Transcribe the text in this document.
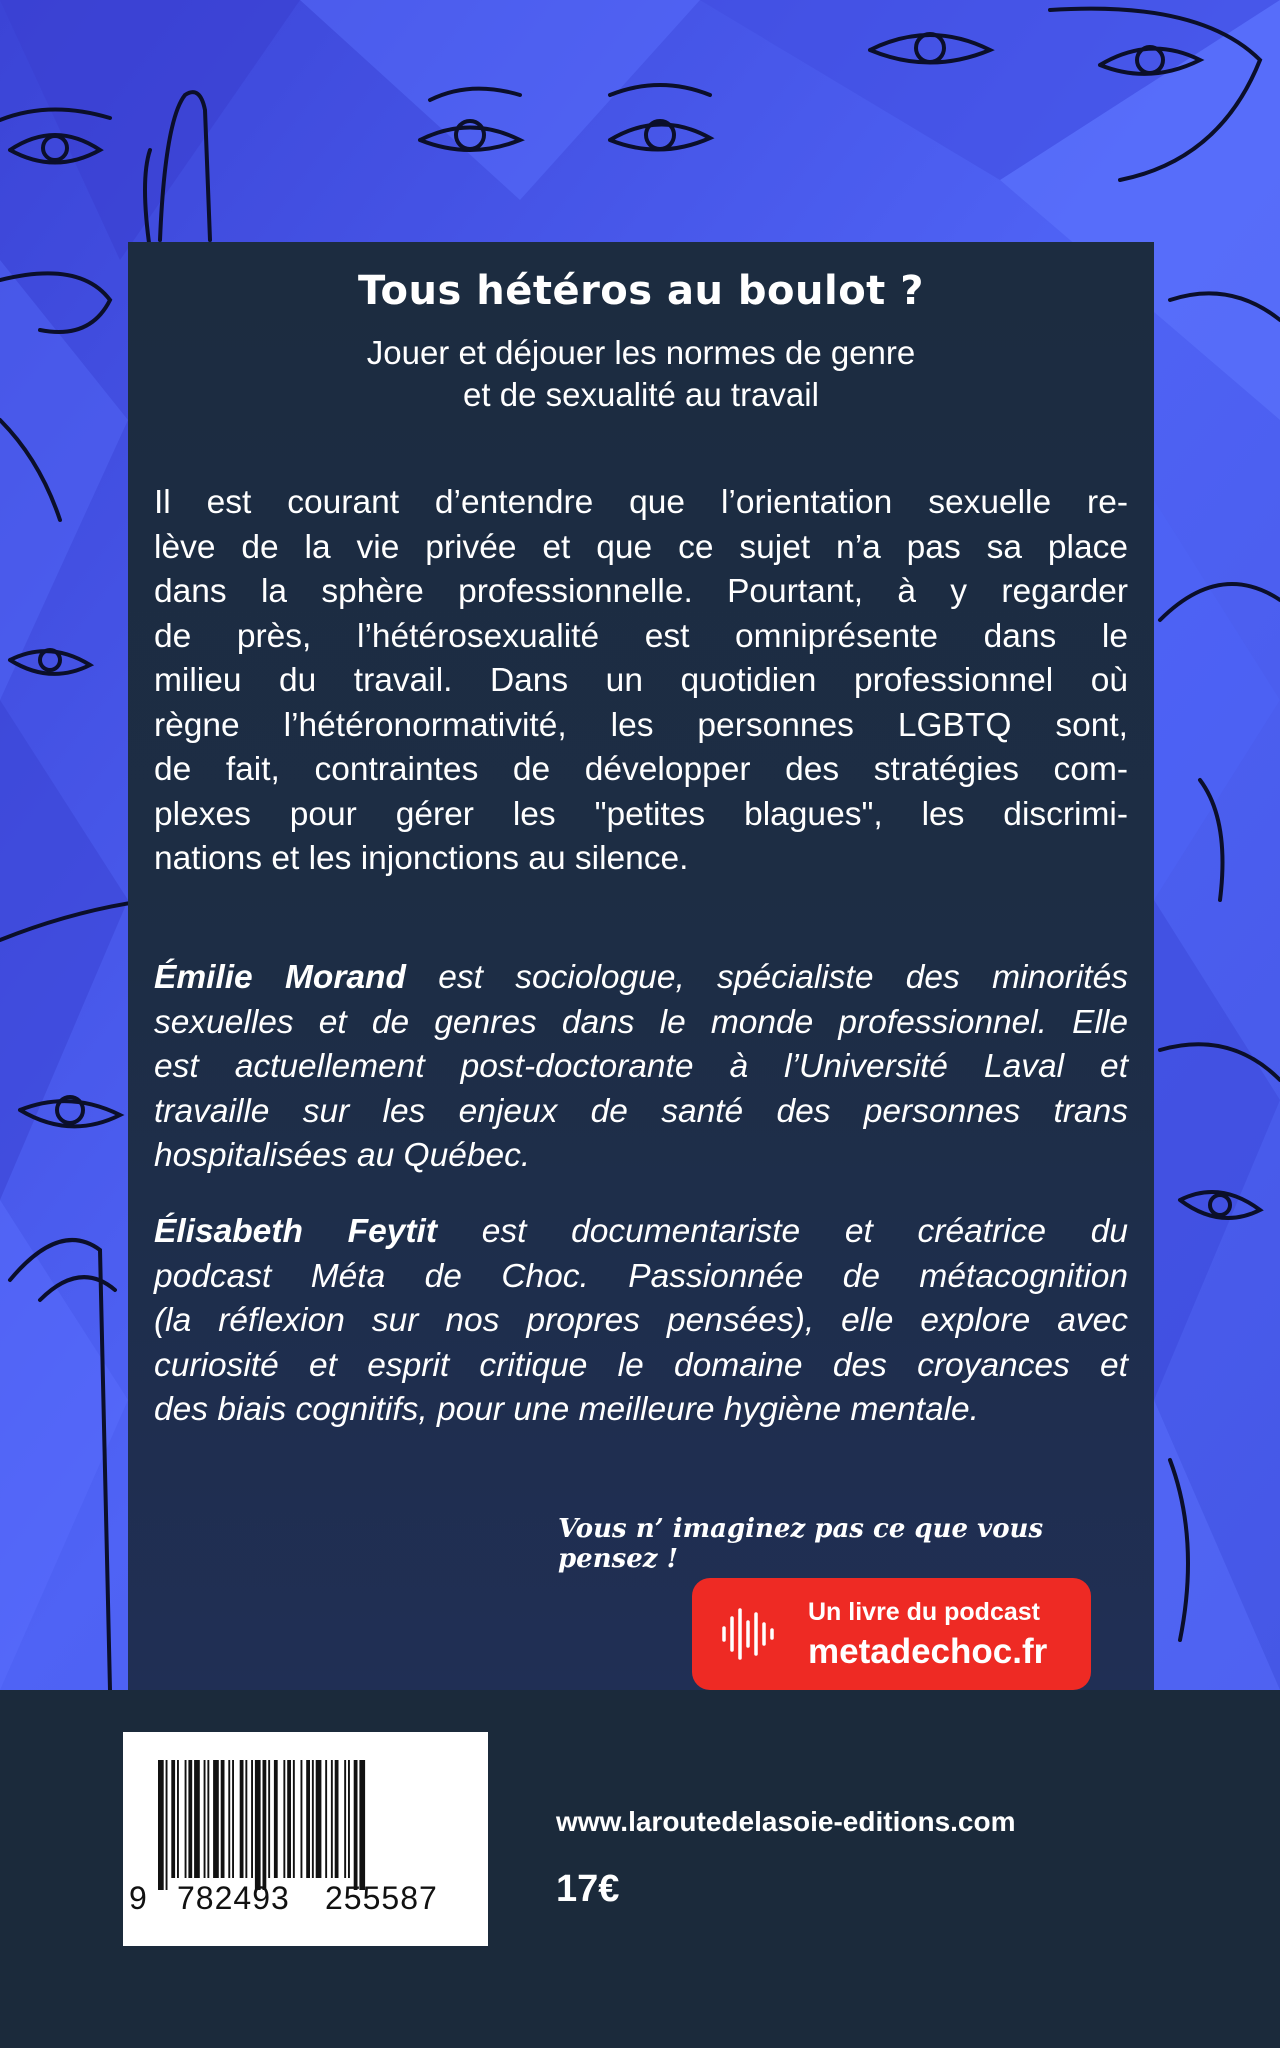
Tous hétéros au boulot ?
Jouer et déjouer les normes de genre
et de sexualité au travail

Il est courant d’entendre que l’orientation sexuelle re-
lève de la vie privée et que ce sujet n’a pas sa place
dans la sphère professionnelle. Pourtant, à y regarder
de près, l’hétérosexualité est omniprésente dans le
milieu du travail. Dans un quotidien professionnel où
règne l’hétéronormativité, les personnes LGBTQ sont,
de fait, contraintes de développer des stratégies com-
plexes pour gérer les "petites blagues", les discrimi-
nations et les injonctions au silence.

Émilie Morand est sociologue, spécialiste des minorités
sexuelles et de genres dans le monde professionnel. Elle
est actuellement post-doctorante à l’Université Laval et
travaille sur les enjeux de santé des personnes trans
hospitalisées au Québec.

Élisabeth Feytit est documentariste et créatrice du
podcast Méta de Choc. Passionnée de métacognition
(la réflexion sur nos propres pensées), elle explore avec
curiosité et esprit critique le domaine des croyances et
des biais cognitifs, pour une meilleure hygiène mentale.

Vous n’ imaginez pas ce que vous pensez !

Un livre du podcast
metadechoc.fr
9 782493 255587
www.laroutedelasoie-editions.com
17€
